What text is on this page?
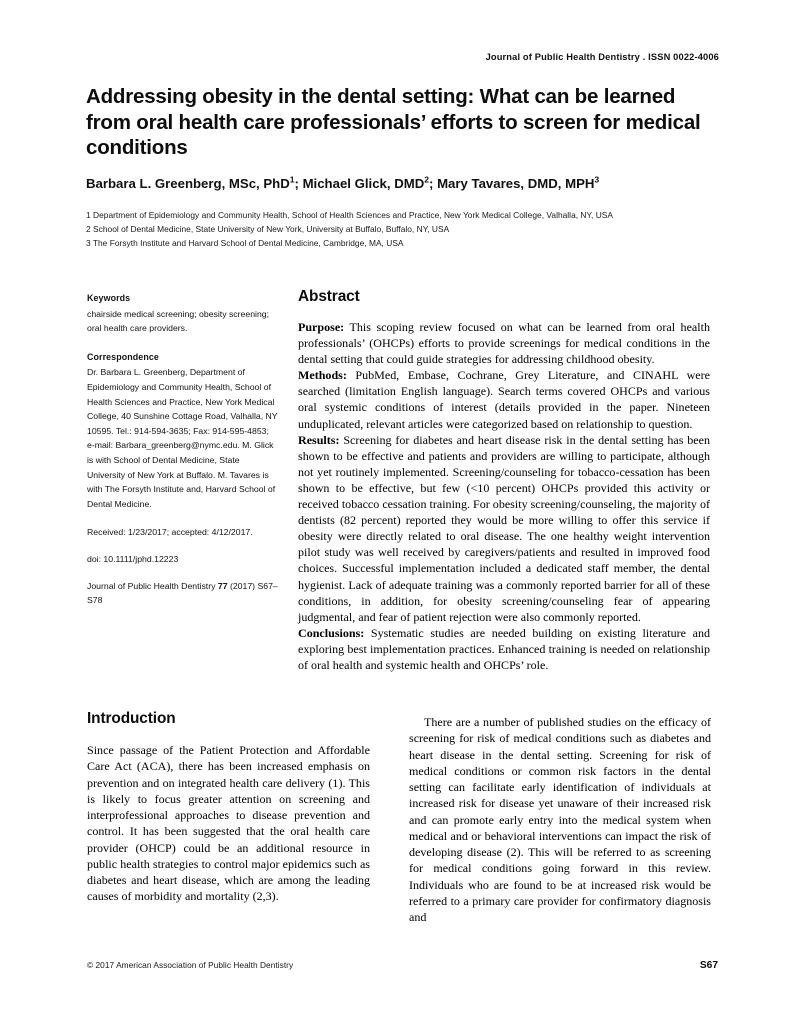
Journal of Public Health Dentistry . ISSN 0022-4006
Addressing obesity in the dental setting: What can be learned from oral health care professionals’ efforts to screen for medical conditions
Barbara L. Greenberg, MSc, PhD$^1$; Michael Glick, DMD$^2$; Mary Tavares, DMD, MPH$^3$
1 Department of Epidemiology and Community Health, School of Health Sciences and Practice, New York Medical College, Valhalla, NY, USA
2 School of Dental Medicine, State University of New York, University at Buffalo, Buffalo, NY, USA
3 The Forsyth Institute and Harvard School of Dental Medicine, Cambridge, MA, USA
Keywords

chairside medical screening; obesity screening; oral health care providers.

Correspondence

Dr. Barbara L. Greenberg, Department of Epidemiology and Community Health, School of Health Sciences and Practice, New York Medical College, 40 Sunshine Cottage Road, Valhalla, NY 10595. Tel.: 914-594-3635; Fax: 914-595-4853; e-mail: Barbara_greenberg@nymc.edu. M. Glick is with School of Dental Medicine, State University of New York at Buffalo. M. Tavares is with The Forsyth Institute and, Harvard School of Dental Medicine.

Received: 1/23/2017; accepted: 4/12/2017.

doi: 10.1111/jphd.12223

Journal of Public Health Dentistry 77 (2017) S67–S78

Abstract

Purpose: This scoping review focused on what can be learned from oral health professionals’ (OHCPs) efforts to provide screenings for medical conditions in the dental setting that could guide strategies for addressing childhood obesity.

Methods: PubMed, Embase, Cochrane, Grey Literature, and CINAHL were searched (limitation English language). Search terms covered OHCPs and various oral systemic conditions of interest (details provided in the paper. Nineteen unduplicated, relevant articles were categorized based on relationship to question.

Results: Screening for diabetes and heart disease risk in the dental setting has been shown to be effective and patients and providers are willing to participate, although not yet routinely implemented. Screening/counseling for tobacco-cessation has been shown to be effective, but few (<10 percent) OHCPs provided this activity or received tobacco cessation training. For obesity screening/counseling, the majority of dentists (82 percent) reported they would be more willing to offer this service if obesity were directly related to oral disease. The one healthy weight intervention pilot study was well received by caregivers/patients and resulted in improved food choices. Successful implementation included a dedicated staff member, the dental hygienist. Lack of adequate training was a commonly reported barrier for all of these conditions, in addition, for obesity screening/counseling fear of appearing judgmental, and fear of patient rejection were also commonly reported.

Conclusions: Systematic studies are needed building on existing literature and exploring best implementation practices. Enhanced training is needed on relationship of oral health and systemic health and OHCPs’ role.

Introduction

Since passage of the Patient Protection and Affordable Care Act (ACA), there has been increased emphasis on prevention and on integrated health care delivery (1). This is likely to focus greater attention on screening and interprofessional approaches to disease prevention and control. It has been suggested that the oral health care provider (OHCP) could be an additional resource in public health strategies to control major epidemics such as diabetes and heart disease, which are among the leading causes of morbidity and mortality (2,3).

There are a number of published studies on the efficacy of screening for risk of medical conditions such as diabetes and heart disease in the dental setting. Screening for risk of medical conditions or common risk factors in the dental setting can facilitate early identification of individuals at increased risk for disease yet unaware of their increased risk and can promote early entry into the medical system when medical and or behavioral interventions can impact the risk of developing disease (2). This will be referred to as screening for medical conditions going forward in this review. Individuals who are found to be at increased risk would be referred to a primary care provider for confirmatory diagnosis and

© 2017 American Association of Public Health Dentistry	S67
